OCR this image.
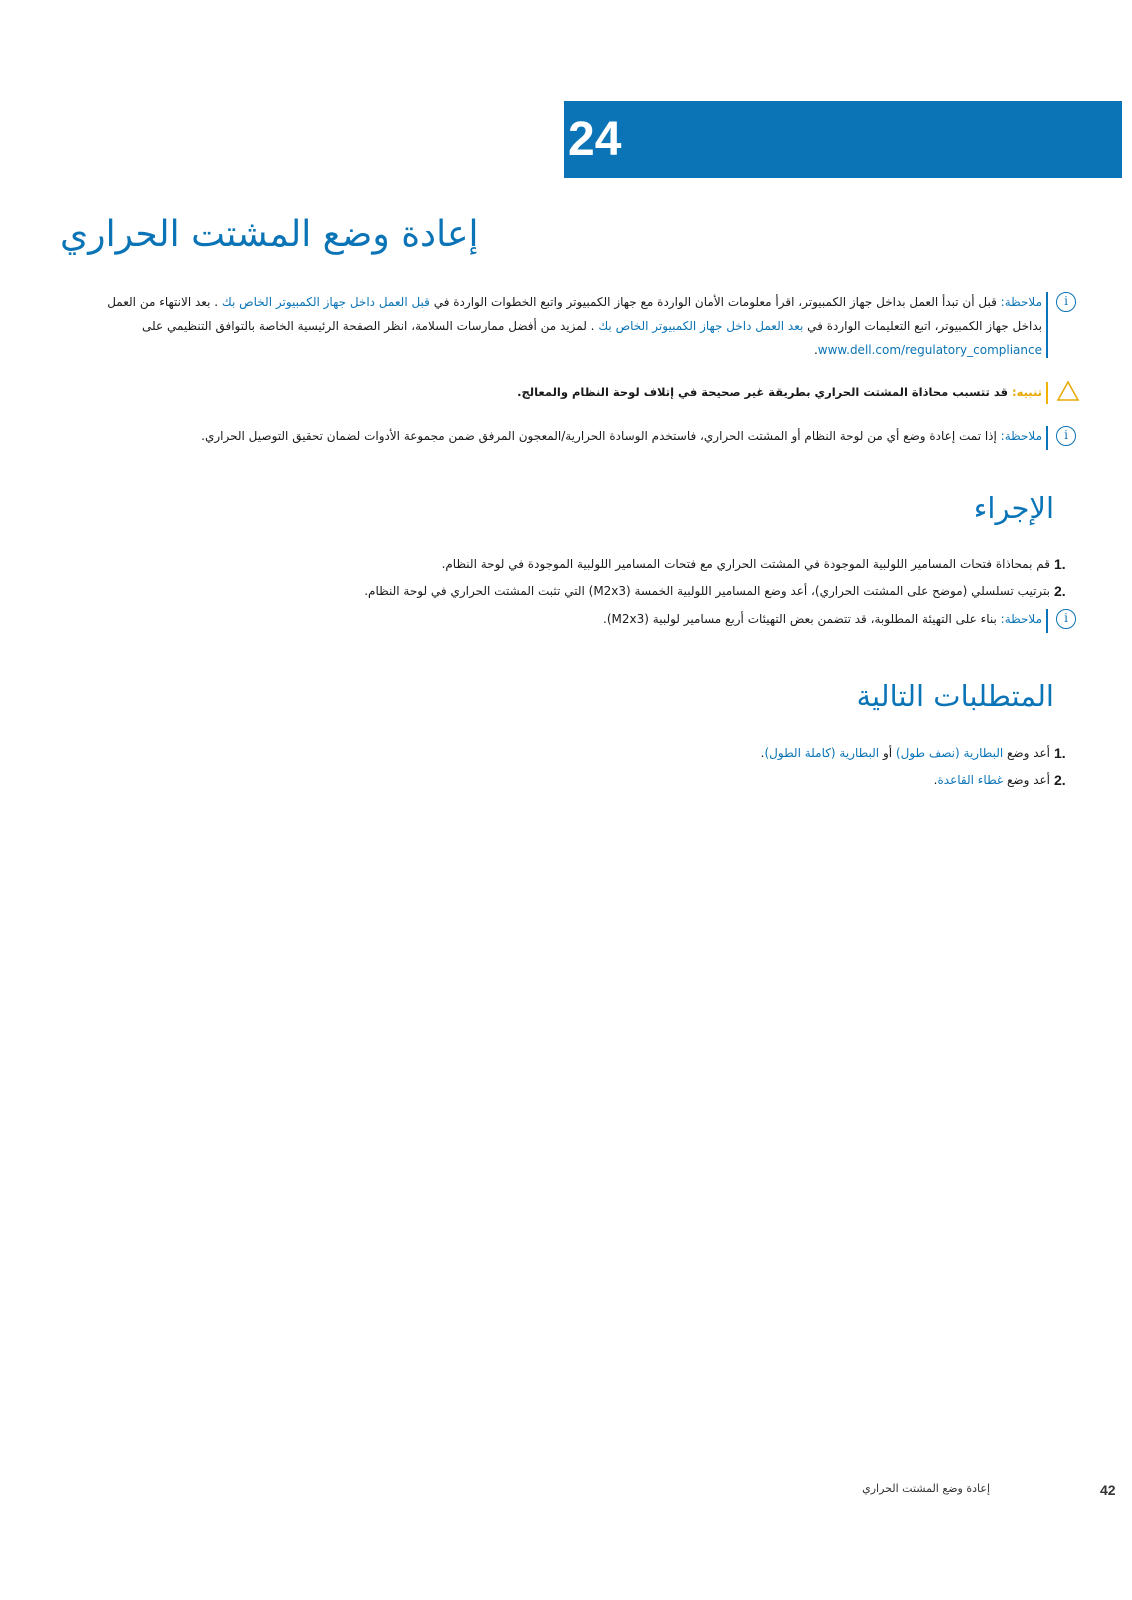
24
إعادة وضع المشتت الحراري
i
ملاحظة: قبل أن تبدأ العمل بداخل جهاز الكمبيوتر، اقرأ معلومات الأمان الواردة مع جهاز الكمبيوتر واتبع الخطوات الواردة في قبل العمل داخل جهاز الكمبيوتر الخاص بك . بعد الانتهاء من العمل بداخل جهاز الكمبيوتر، اتبع التعليمات الواردة في بعد العمل داخل جهاز الكمبيوتر الخاص بك . لمزيد من أفضل ممارسات السلامة، انظر الصفحة الرئيسية الخاصة بالتوافق التنظيمي على www.dell.com/regulatory_compliance.
تنبيه: قد تتسبب محاذاة المشتت الحراري بطريقة غير صحيحة في إتلاف لوحة النظام والمعالج.
i
ملاحظة: إذا تمت إعادة وضع أي من لوحة النظام أو المشتت الحراري، فاستخدم الوسادة الحرارية/المعجون المرفق ضمن مجموعة الأدوات لضمان تحقيق التوصيل الحراري.
الإجراء
1.
قم بمحاذاة فتحات المسامير اللولبية الموجودة في المشتت الحراري مع فتحات المسامير اللولبية الموجودة في لوحة النظام.
2.
بترتيب تسلسلي (موضح على المشتت الحراري)، أعد وضع المسامير اللولبية الخمسة (M2x3) التي تثبت المشتت الحراري في لوحة النظام.
i
ملاحظة: بناء على التهيئة المطلوبة، قد تتضمن بعض التهيئات أربع مسامير لولبية (M2x3).
المتطلبات التالية
1.
أعد وضع البطارية (نصف طول) أو البطارية (كاملة الطول).
2.
أعد وضع غطاء القاعدة.
إعادة وضع المشتت الحراري	42
